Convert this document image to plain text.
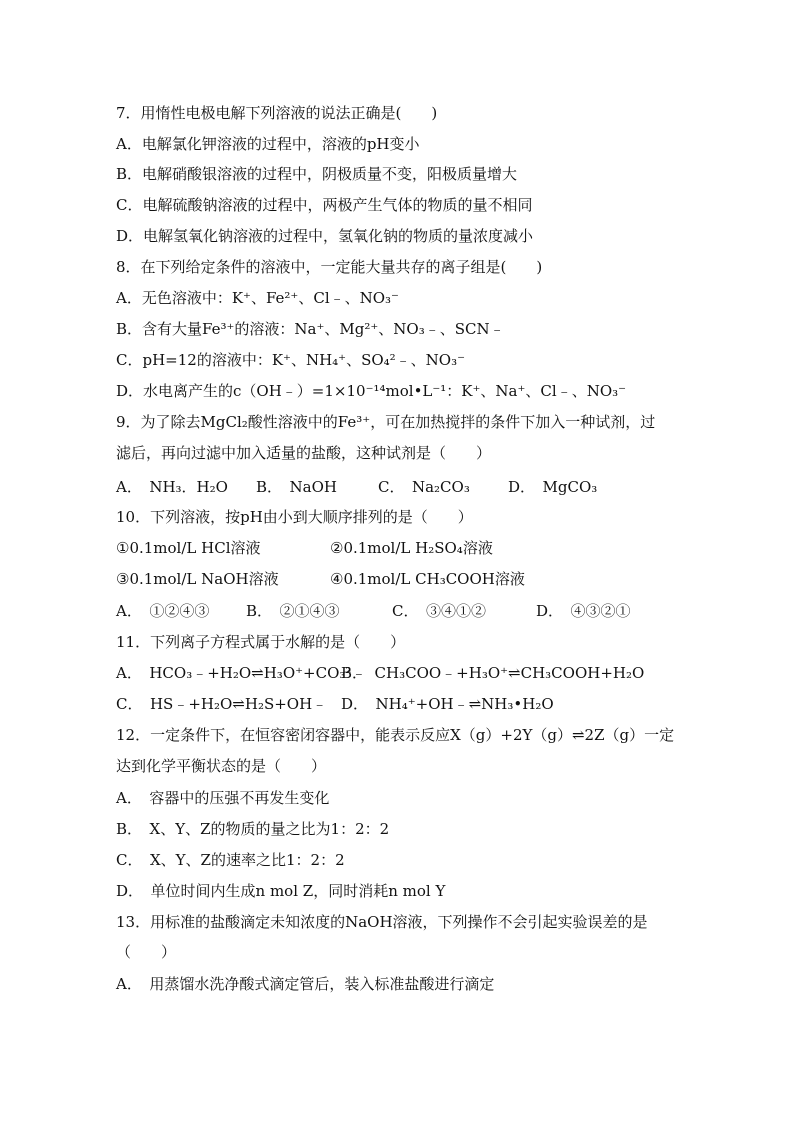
7．用惰性电极电解下列溶液的说法正确是(　　)
A．电解氯化钾溶液的过程中，溶液的pH变小
B．电解硝酸银溶液的过程中，阴极质量不变，阳极质量增大
C．电解硫酸钠溶液的过程中，两极产生气体的物质的量不相同
D．电解氢氧化钠溶液的过程中，氢氧化钠的物质的量浓度减小
8．在下列给定条件的溶液中，一定能大量共存的离子组是(　　)
A．无色溶液中：K⁺、Fe²⁺、Cl﹣、NO₃⁻
B．含有大量Fe³⁺的溶液：Na⁺、Mg²⁺、NO₃﹣、SCN﹣
C．pH=12的溶液中：K⁺、NH₄⁺、SO₄²﹣、NO₃⁻
D．水电离产生的c（OH﹣）=1×10⁻¹⁴mol•L⁻¹：K⁺、Na⁺、Cl﹣、NO₃⁻
9．为了除去MgCl₂酸性溶液中的Fe³⁺，可在加热搅拌的条件下加入一种试剂，过
滤后，再向过滤中加入适量的盐酸，这种试剂是（　　）
A．　NH₃．H₂O B．　NaOH	C．　Na₂CO₃	D．　MgCO₃
10．下列溶液，按pH由小到大顺序排列的是（　　）
①0.1mol/L HCl溶液	②0.1mol/L H₂SO₄溶液
③0.1mol/L NaOH溶液	④0.1mol/L CH₃COOH溶液
A．　①②④③ B．　②①④③	C．　③④①②	D．　④③②①
11．下列离子方程式属于水解的是（　　）
A．　HCO₃﹣+H₂O⇌H₃O⁺+CO₃²﹣
B．　CH₃COO﹣+H₃O⁺⇌CH₃COOH+H₂O
C．　HS﹣+H₂O⇌H₂S+OH﹣ D．　NH₄⁺+OH﹣⇌NH₃•H₂O
12．一定条件下，在恒容密闭容器中，能表示反应X（g）+2Y（g）⇌2Z（g）一定
达到化学平衡状态的是（　　）
A．　容器中的压强不再发生变化
B．　X、Y、Z的物质的量之比为1：2：2
C．　X、Y、Z的速率之比1：2：2
D．　单位时间内生成n mol Z，同时消耗n mol Y
13．用标准的盐酸滴定未知浓度的NaOH溶液，下列操作不会引起实验误差的是
（　　）
A．　用蒸馏水洗净酸式滴定管后，装入标准盐酸进行滴定
